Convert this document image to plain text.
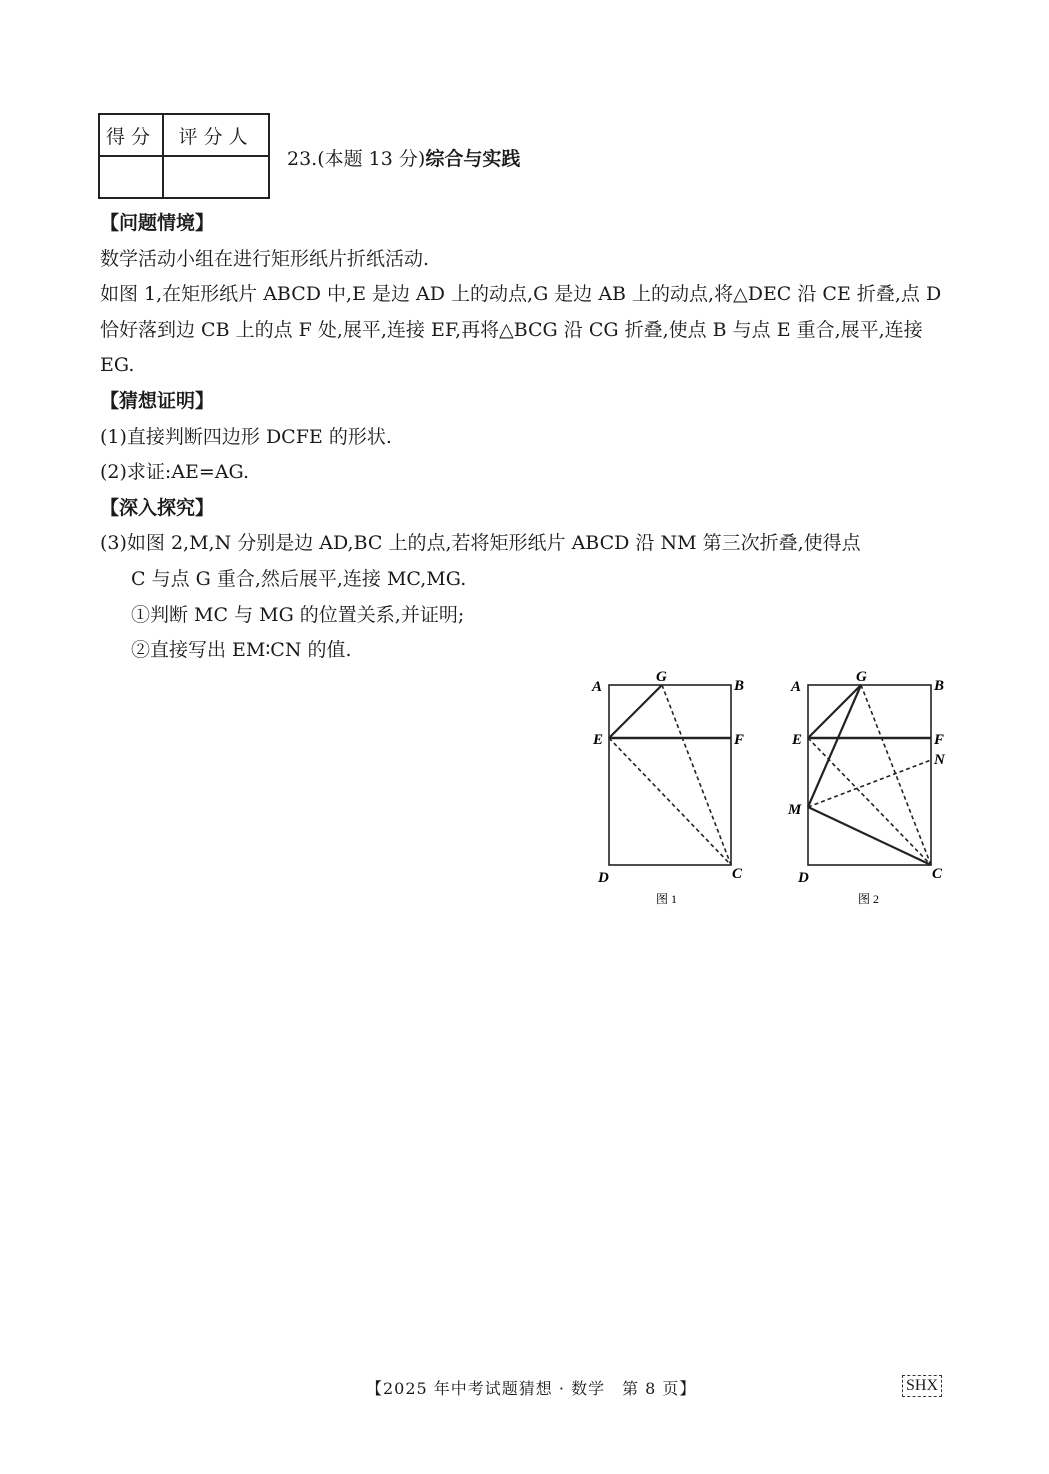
得分	评分人

23.(本题 13 分)综合与实践

【问题情境】

数学活动小组在进行矩形纸片折纸活动.

如图 1,在矩形纸片 ABCD 中,E 是边 AD 上的动点,G 是边 AB 上的动点,将△DEC 沿 CE 折叠,点 D 恰好落到边 CB 上的点 F 处,展平,连接 EF,再将△BCG 沿 CG 折叠,使点 B 与点 E 重合,展平,连接 EG.

【猜想证明】

(1)直接判断四边形 DCFE 的形状.

(2)求证:AE=AG.

【深入探究】

(3)如图 2,M,N 分别是边 AD,BC 上的点,若将矩形纸片 ABCD 沿 NM 第三次折叠,使得点

C 与点 G 重合,然后展平,连接 MC,MG.

①判断 MC 与 MG 的位置关系,并证明;

②直接写出 EM∶CN 的值.

A
G
B
E	F
D	C
图 1
A
G
B
E	F
N
M
D	C
图 2
【2025 年中考试题猜想 · 数学　第 8 页】	SHX
